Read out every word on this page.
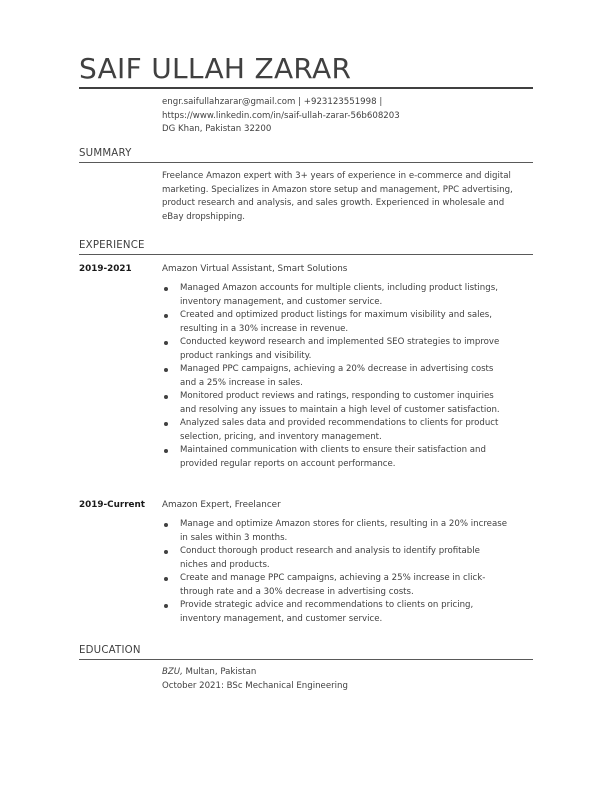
SAIF ULLAH ZARAR
engr.saifullahzarar@gmail.com | +923123551998 |
https://www.linkedin.com/in/saif-ullah-zarar-56b608203
DG Khan, Pakistan 32200
SUMMARY
Freelance Amazon expert with 3+ years of experience in e-commerce and digital marketing. Specializes in Amazon store setup and management, PPC advertising, product research and analysis, and sales growth. Experienced in wholesale and eBay dropshipping.
EXPERIENCE
2019-2021	Amazon Virtual Assistant, Smart Solutions
Managed Amazon accounts for multiple clients, including product listings, inventory management, and customer service.
Created and optimized product listings for maximum visibility and sales, resulting in a 30% increase in revenue.
Conducted keyword research and implemented SEO strategies to improve product rankings and visibility.
Managed PPC campaigns, achieving a 20% decrease in advertising costs and a 25% increase in sales.
Monitored product reviews and ratings, responding to customer inquiries and resolving any issues to maintain a high level of customer satisfaction.
Analyzed sales data and provided recommendations to clients for product selection, pricing, and inventory management.
Maintained communication with clients to ensure their satisfaction and provided regular reports on account performance.
2019-Current Amazon Expert, Freelancer
Manage and optimize Amazon stores for clients, resulting in a 20% increase in sales within 3 months.
Conduct thorough product research and analysis to identify profitable niches and products.
Create and manage PPC campaigns, achieving a 25% increase in click-through rate and a 30% decrease in advertising costs.
Provide strategic advice and recommendations to clients on pricing, inventory management, and customer service.
EDUCATION
BZU, Multan, Pakistan
October 2021: BSc Mechanical Engineering
